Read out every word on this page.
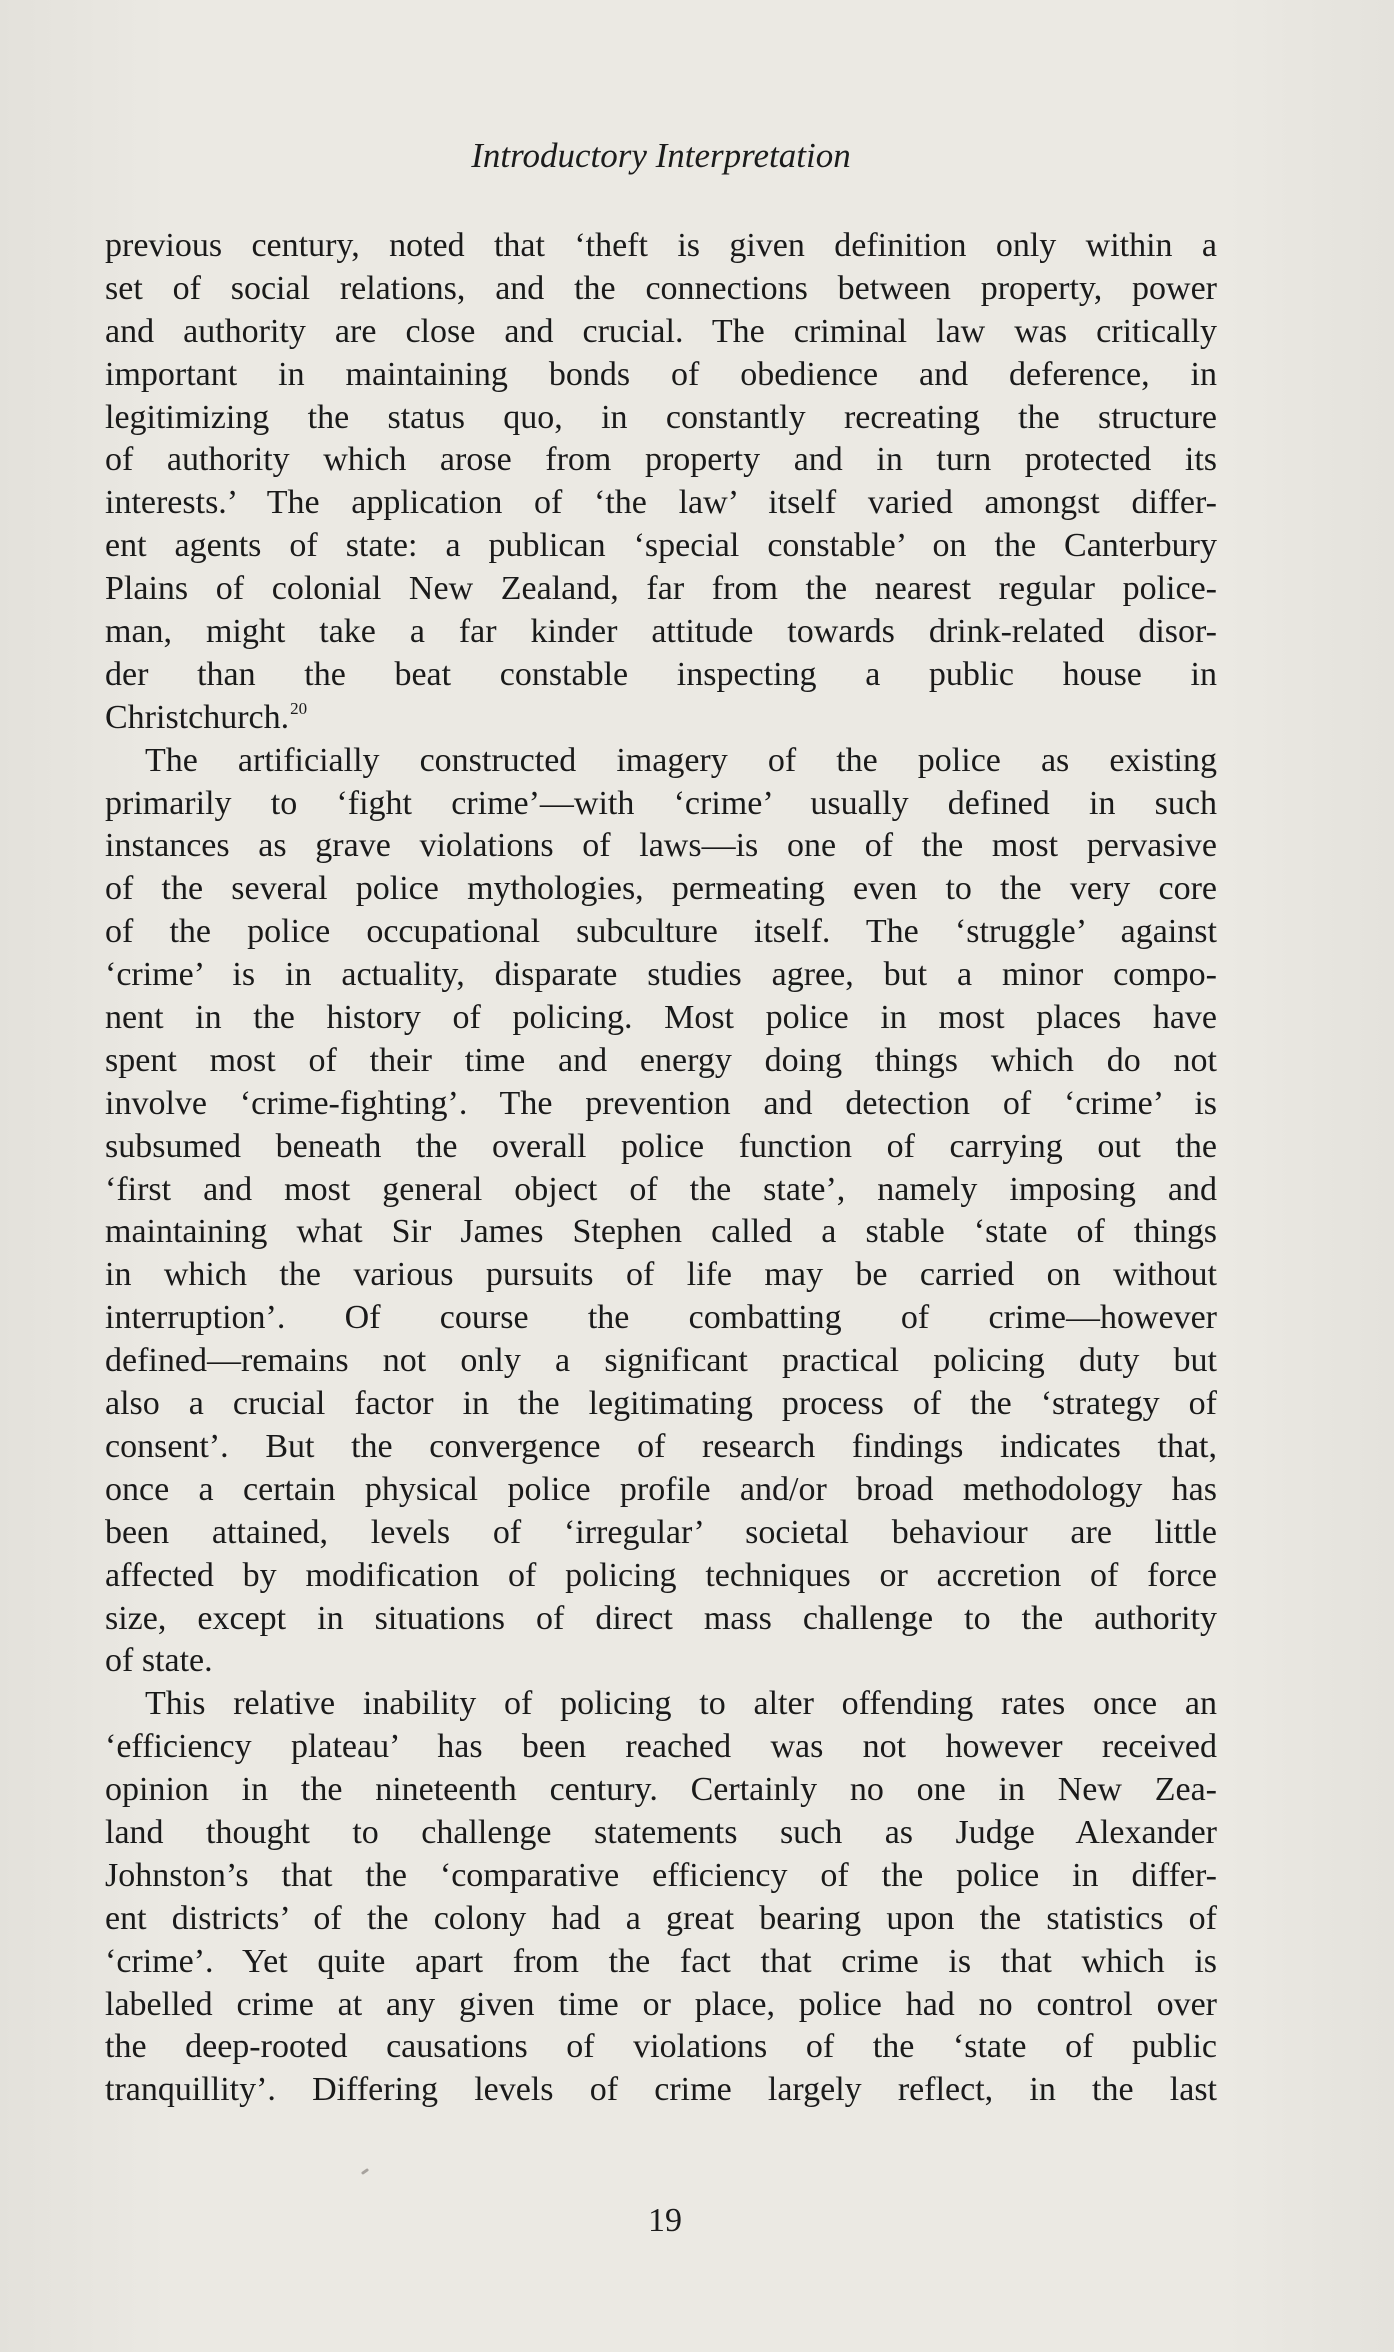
Introductory Interpretation
previous century, noted that ‘theft is given definition only within a
set of social relations, and the connections between property, power
and authority are close and crucial. The criminal law was critically
important in maintaining bonds of obedience and deference, in
legitimizing the status quo, in constantly recreating the structure
of authority which arose from property and in turn protected its
interests.’ The application of ‘the law’ itself varied amongst differ-
ent agents of state: a publican ‘special constable’ on the Canterbury
Plains of colonial New Zealand, far from the nearest regular police-
man, might take a far kinder attitude towards drink-related disor-
der than the beat constable inspecting a public house in
Christchurch.$^{20}$
The artificially constructed imagery of the police as existing
primarily to ‘fight crime’—with ‘crime’ usually defined in such
instances as grave violations of laws—is one of the most pervasive
of the several police mythologies, permeating even to the very core
of the police occupational subculture itself. The ‘struggle’ against
‘crime’ is in actuality, disparate studies agree, but a minor compo-
nent in the history of policing. Most police in most places have
spent most of their time and energy doing things which do not
involve ‘crime-fighting’. The prevention and detection of ‘crime’ is
subsumed beneath the overall police function of carrying out the
‘first and most general object of the state’, namely imposing and
maintaining what Sir James Stephen called a stable ‘state of things
in which the various pursuits of life may be carried on without
interruption’. Of course the combatting of crime—however
defined—remains not only a significant practical policing duty but
also a crucial factor in the legitimating process of the ‘strategy of
consent’. But the convergence of research findings indicates that,
once a certain physical police profile and/or broad methodology has
been attained, levels of ‘irregular’ societal behaviour are little
affected by modification of policing techniques or accretion of force
size, except in situations of direct mass challenge to the authority
of state.
This relative inability of policing to alter offending rates once an
‘efficiency plateau’ has been reached was not however received
opinion in the nineteenth century. Certainly no one in New Zea-
land thought to challenge statements such as Judge Alexander
Johnston’s that the ‘comparative efficiency of the police in differ-
ent districts’ of the colony had a great bearing upon the statistics of
‘crime’. Yet quite apart from the fact that crime is that which is
labelled crime at any given time or place, police had no control over
the deep-rooted causations of violations of the ‘state of public
tranquillity’. Differing levels of crime largely reflect, in the last
19
